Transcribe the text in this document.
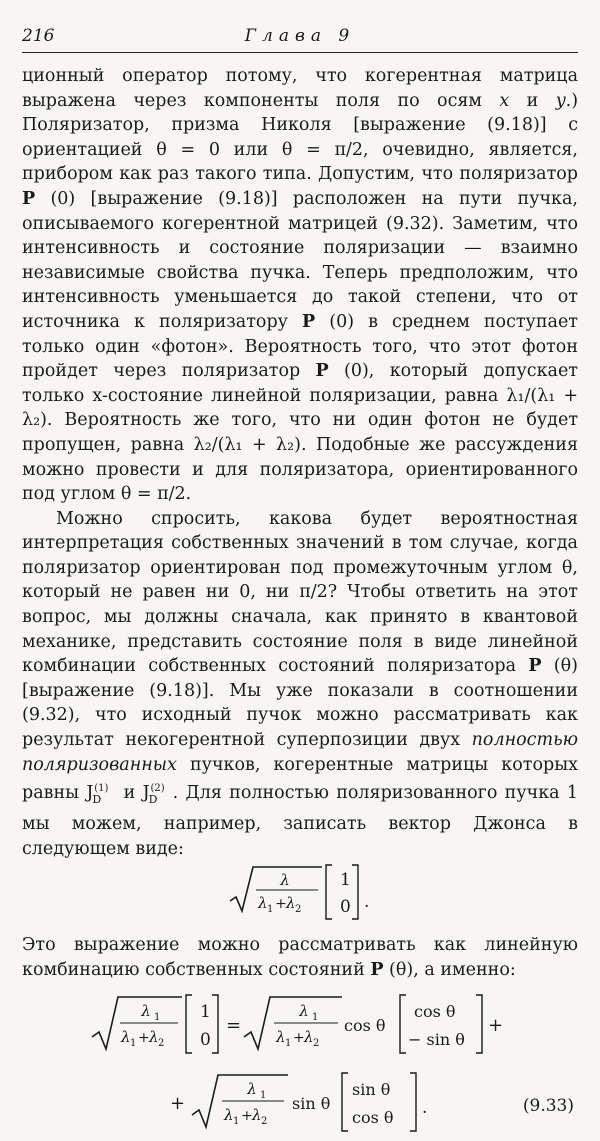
216	Глава 9

ционный оператор потому, что когерентная матрица выражена через компоненты поля по осям x и y.) Поляризатор, призма Николя [выражение (9.18)] с ориентацией θ = 0 или θ = π/2, очевидно, является, прибором как раз такого типа. Допустим, что поляризатор P (0) [выражение (9.18)] расположен на пути пучка, описываемого когерентной матрицей (9.32). Заметим, что интенсивность и состояние поляризации — взаимно независимые свойства пучка. Теперь предположим, что интенсивность уменьшается до такой степени, что от источника к поляризатору P (0) в среднем поступает только один «фотон». Вероятность того, что этот фотон пройдет через поляризатор P (0), который допускает только x-состояние линейной поляризации, равна λ₁/(λ₁ + λ₂). Вероятность же того, что ни один фотон не будет пропущен, равна λ₂/(λ₁ + λ₂). Подобные же рассуждения можно провести и для поляризатора, ориентированного под углом θ = π/2.

Можно спросить, какова будет вероятностная интерпретация собственных значений в том случае, когда поляризатор ориентирован под промежуточным углом θ, который не равен ни 0, ни π/2? Чтобы ответить на этот вопрос, мы должны сначала, как принято в квантовой механике, представить состояние поля в виде линейной комбинации собственных состояний поляризатора P (θ) [выражение (9.18)]. Мы уже показали в соотношении (9.32), что исходный пучок можно рассматривать как результат некогерентной суперпозиции двух полностью поляризованных пучков, когерентные матрицы которых равны $J_D^{(1)}$ и $J_D^{(2)}$ . Для полностью поляризованного пучка 1 мы можем, например, записать вектор Джонса в следующем виде:

λ
λ 1 + λ 2
1
0 .

Это выражение можно рассматривать как линейную комбинацию собственных состояний P (θ), а именно:

λ 1
λ 1 + λ 2
1
0
=
λ 1
λ 1 + λ 2
cos θ
cos θ
− sin θ
+
+
λ 1
λ 1 + λ 2
sin θ
sin θ
cos θ .	(9.33)
